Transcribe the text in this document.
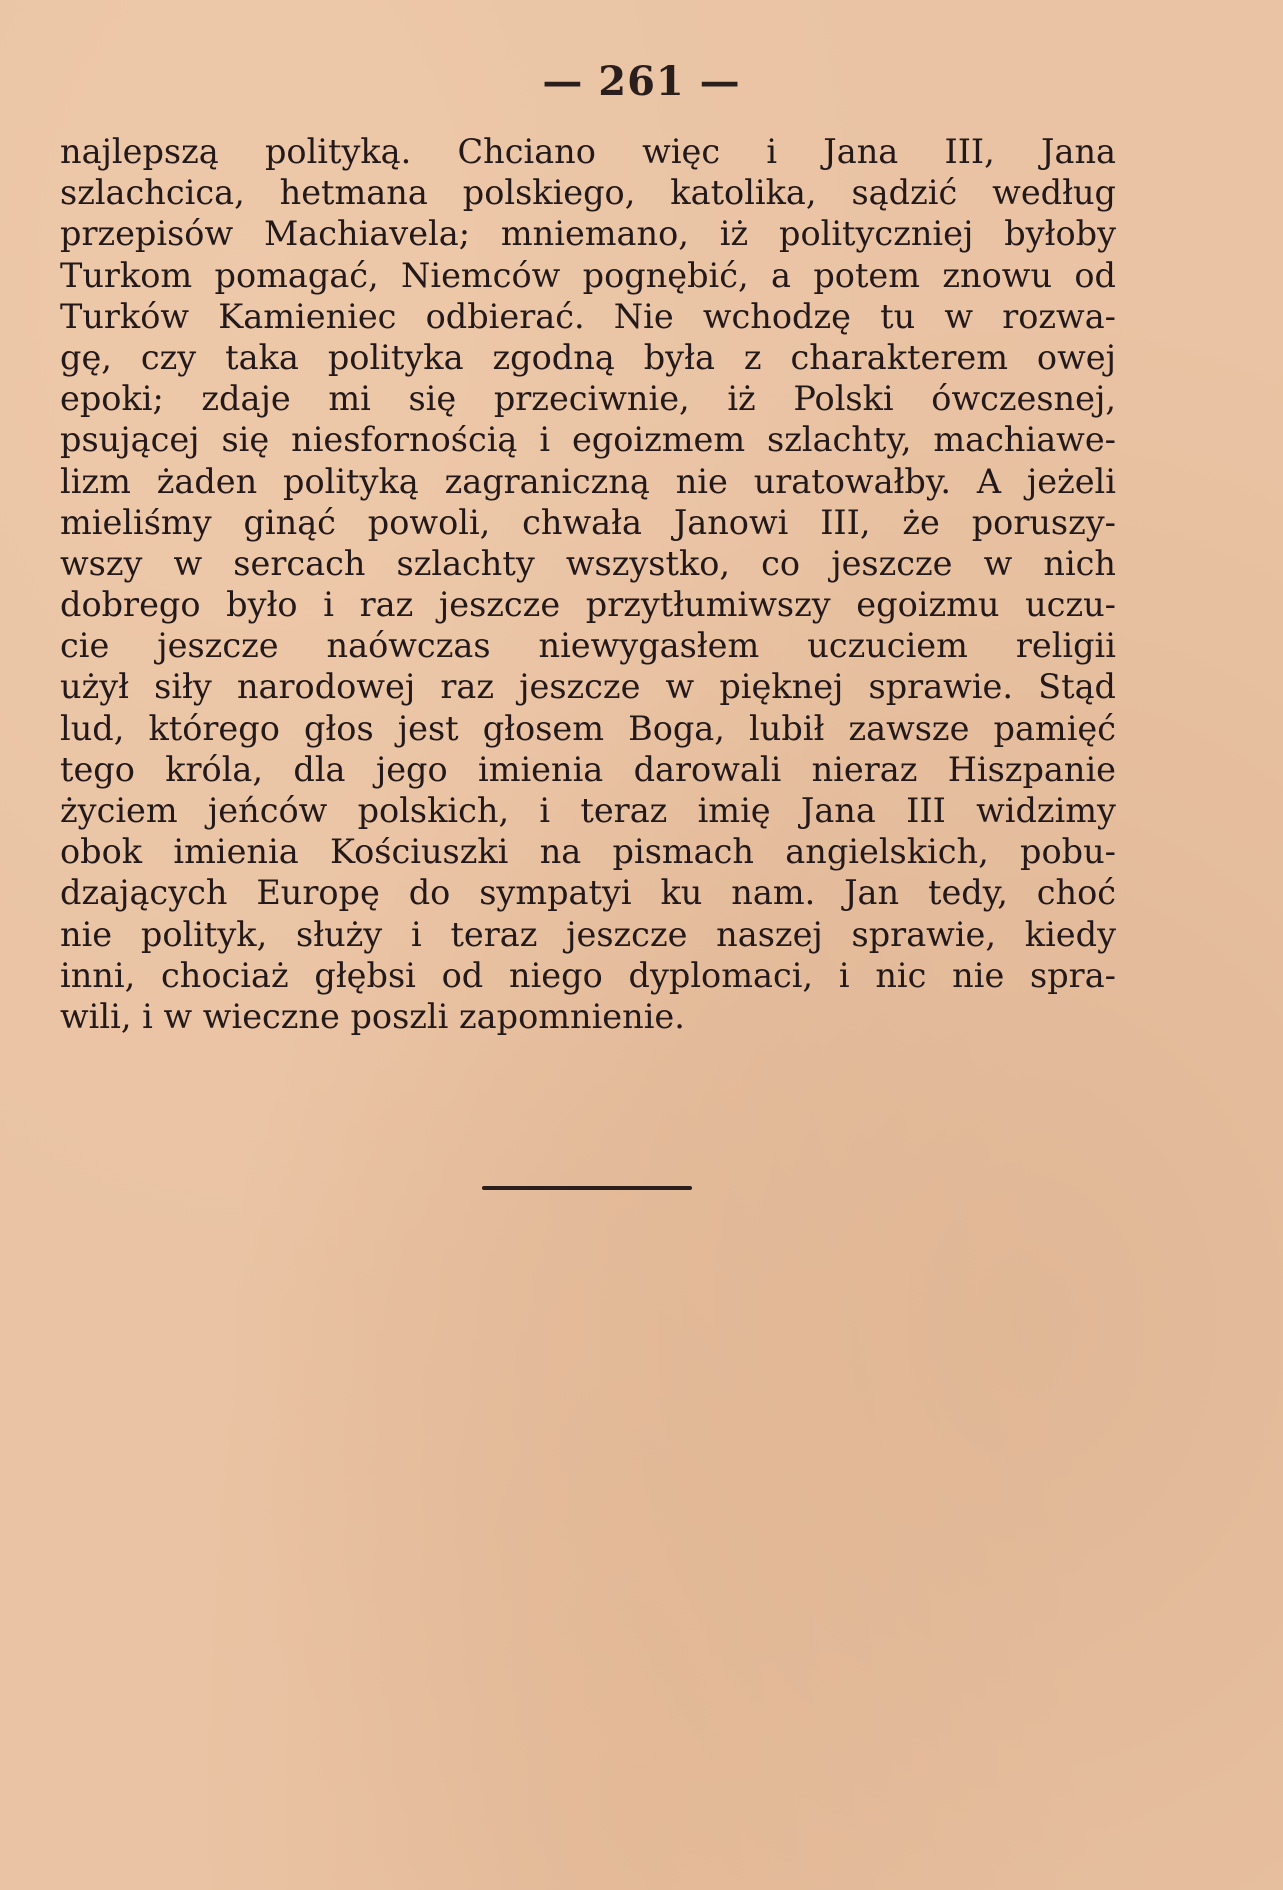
— 261 —
najlepszą polityką. Chciano więc i Jana III, Jana
szlachcica, hetmana polskiego, katolika, sądzić według
przepisów Machiavela; mniemano, iż polityczniej byłoby
Turkom pomagać, Niemców pognębić, a potem znowu od
Turków Kamieniec odbierać. Nie wchodzę tu w rozwa-
gę, czy taka polityka zgodną była z charakterem owej
epoki; zdaje mi się przeciwnie, iż Polski ówczesnej,
psującej się niesfornością i egoizmem szlachty, machiawe-
lizm żaden polityką zagraniczną nie uratowałby. A jeżeli
mieliśmy ginąć powoli, chwała Janowi III, że poruszy-
wszy w sercach szlachty wszystko, co jeszcze w nich
dobrego było i raz jeszcze przytłumiwszy egoizmu uczu-
cie jeszcze naówczas niewygasłem uczuciem religii
użył siły narodowej raz jeszcze w pięknej sprawie. Stąd
lud, którego głos jest głosem Boga, lubił zawsze pamięć
tego króla, dla jego imienia darowali nieraz Hiszpanie
życiem jeńców polskich, i teraz imię Jana III widzimy
obok imienia Kościuszki na pismach angielskich, pobu-
dzających Europę do sympatyi ku nam. Jan tedy, choć
nie polityk, służy i teraz jeszcze naszej sprawie, kiedy
inni, chociaż głębsi od niego dyplomaci, i nic nie spra-
wili, i w wieczne poszli zapomnienie.
